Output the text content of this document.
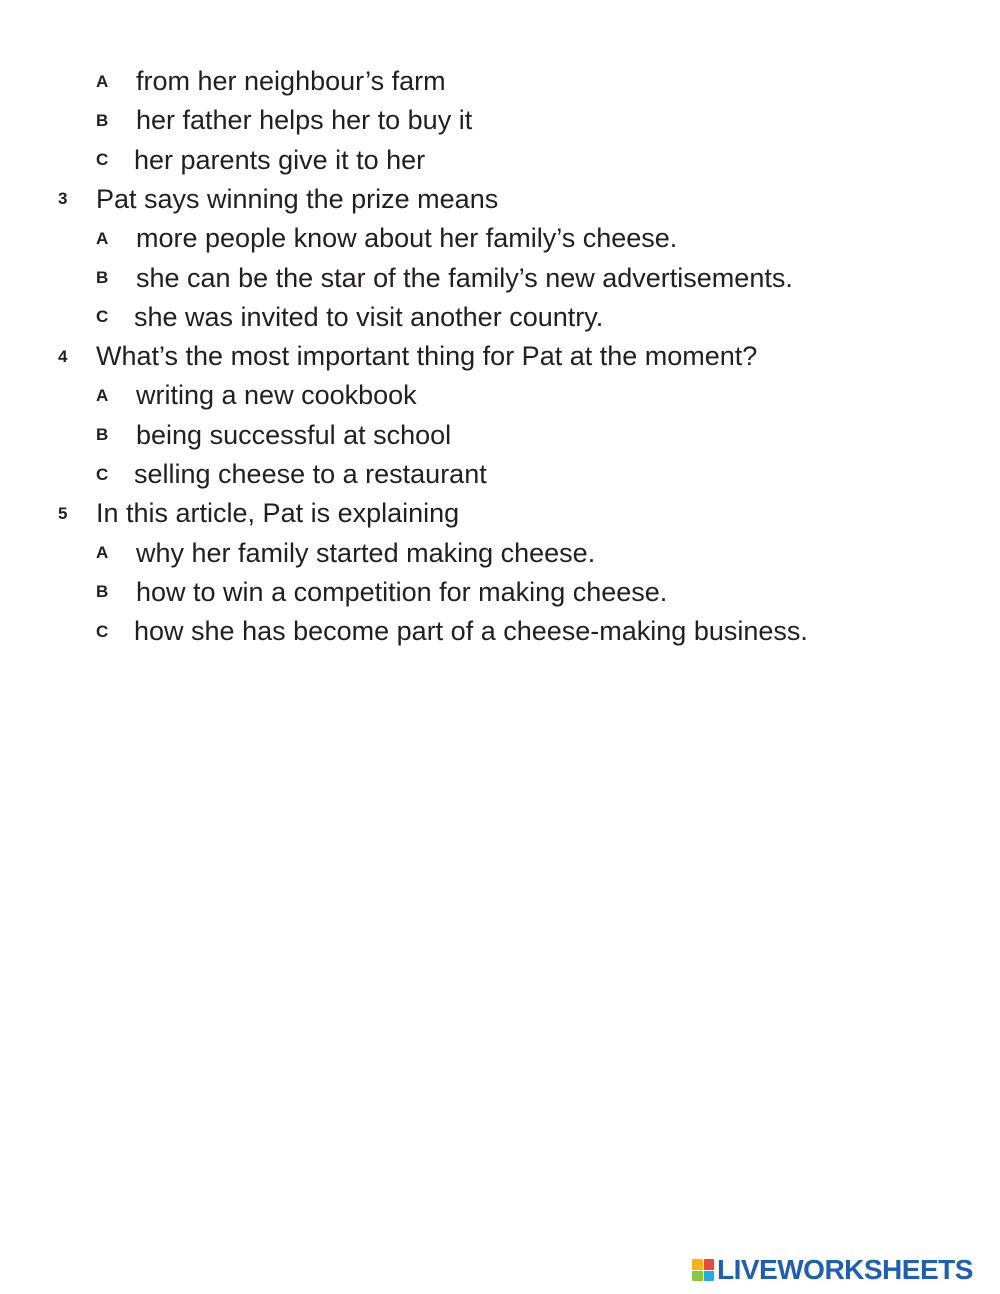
A	from her neighbour’s farm
B	her father helps her to buy it
C her parents give it to her
3	Pat says winning the prize means
A	more people know about her family’s cheese.
B	she can be the star of the family’s new advertisements.
C she was invited to visit another country.
4	What’s the most important thing for Pat at the moment?
A	writing a new cookbook
B	being successful at school
C selling cheese to a restaurant
5	In this article, Pat is explaining
A	why her family started making cheese.
B	how to win a competition for making cheese.
C how she has become part of a cheese-making business.
LIVEWORKSHEETS
